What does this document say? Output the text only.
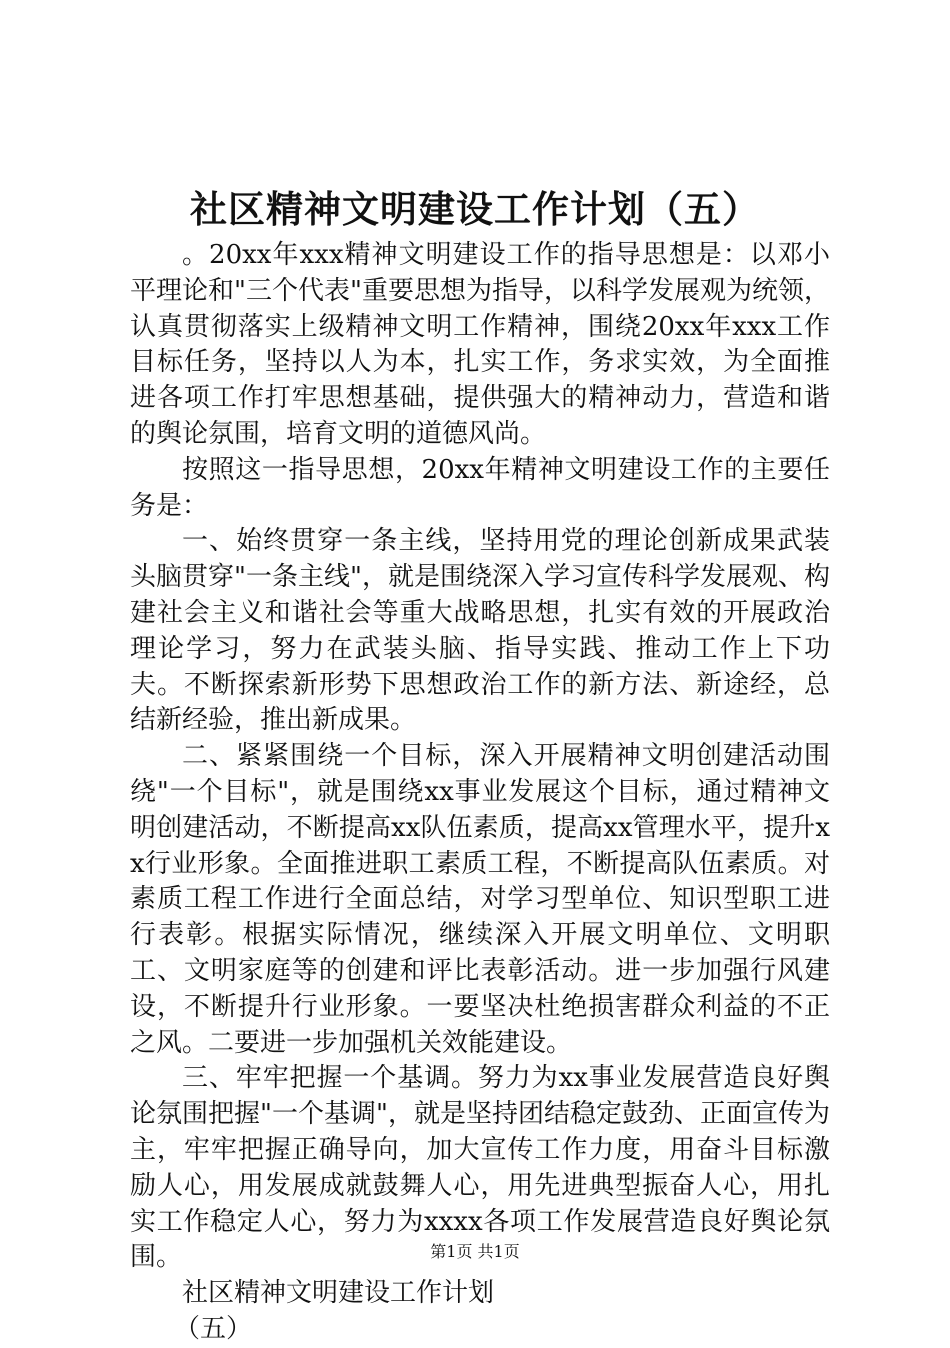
社区精神文明建设工作计划（五）

。20xx年xxx精神文明建设工作的指导思想是：以邓小平理论和"三个代表"重要思想为指导，以科学发展观为统领，认真贯彻落实上级精神文明工作精神，围绕20xx年xxx工作目标任务，坚持以人为本，扎实工作，务求实效，为全面推进各项工作打牢思想基础，提供强大的精神动力，营造和谐的舆论氛围，培育文明的道德风尚。

按照这一指导思想，20xx年精神文明建设工作的主要任务是：

一、始终贯穿一条主线，坚持用党的理论创新成果武装头脑贯穿"一条主线"，就是围绕深入学习宣传科学发展观、构建社会主义和谐社会等重大战略思想，扎实有效的开展政治理论学习，努力在武装头脑、指导实践、推动工作上下功夫。不断探索新形势下思想政治工作的新方法、新途经，总结新经验，推出新成果。

二、紧紧围绕一个目标，深入开展精神文明创建活动围绕"一个目标"，就是围绕xx事业发展这个目标，通过精神文明创建活动，不断提高xx队伍素质，提高xx管理水平，提升xx行业形象。全面推进职工素质工程，不断提高队伍素质。对素质工程工作进行全面总结，对学习型单位、知识型职工进行表彰。根据实际情况，继续深入开展文明单位、文明职工、文明家庭等的创建和评比表彰活动。进一步加强行风建设，不断提升行业形象。一要坚决杜绝损害群众利益的不正之风。二要进一步加强机关效能建设。

三、牢牢把握一个基调。努力为xx事业发展营造良好舆论氛围把握"一个基调"，就是坚持团结稳定鼓劲、正面宣传为主，牢牢把握正确导向，加大宣传工作力度，用奋斗目标激励人心，用发展成就鼓舞人心，用先进典型振奋人心，用扎实工作稳定人心，努力为xxxx各项工作发展营造良好舆论氛围。

社区精神文明建设工作计划

（五）

第1页 共1页
